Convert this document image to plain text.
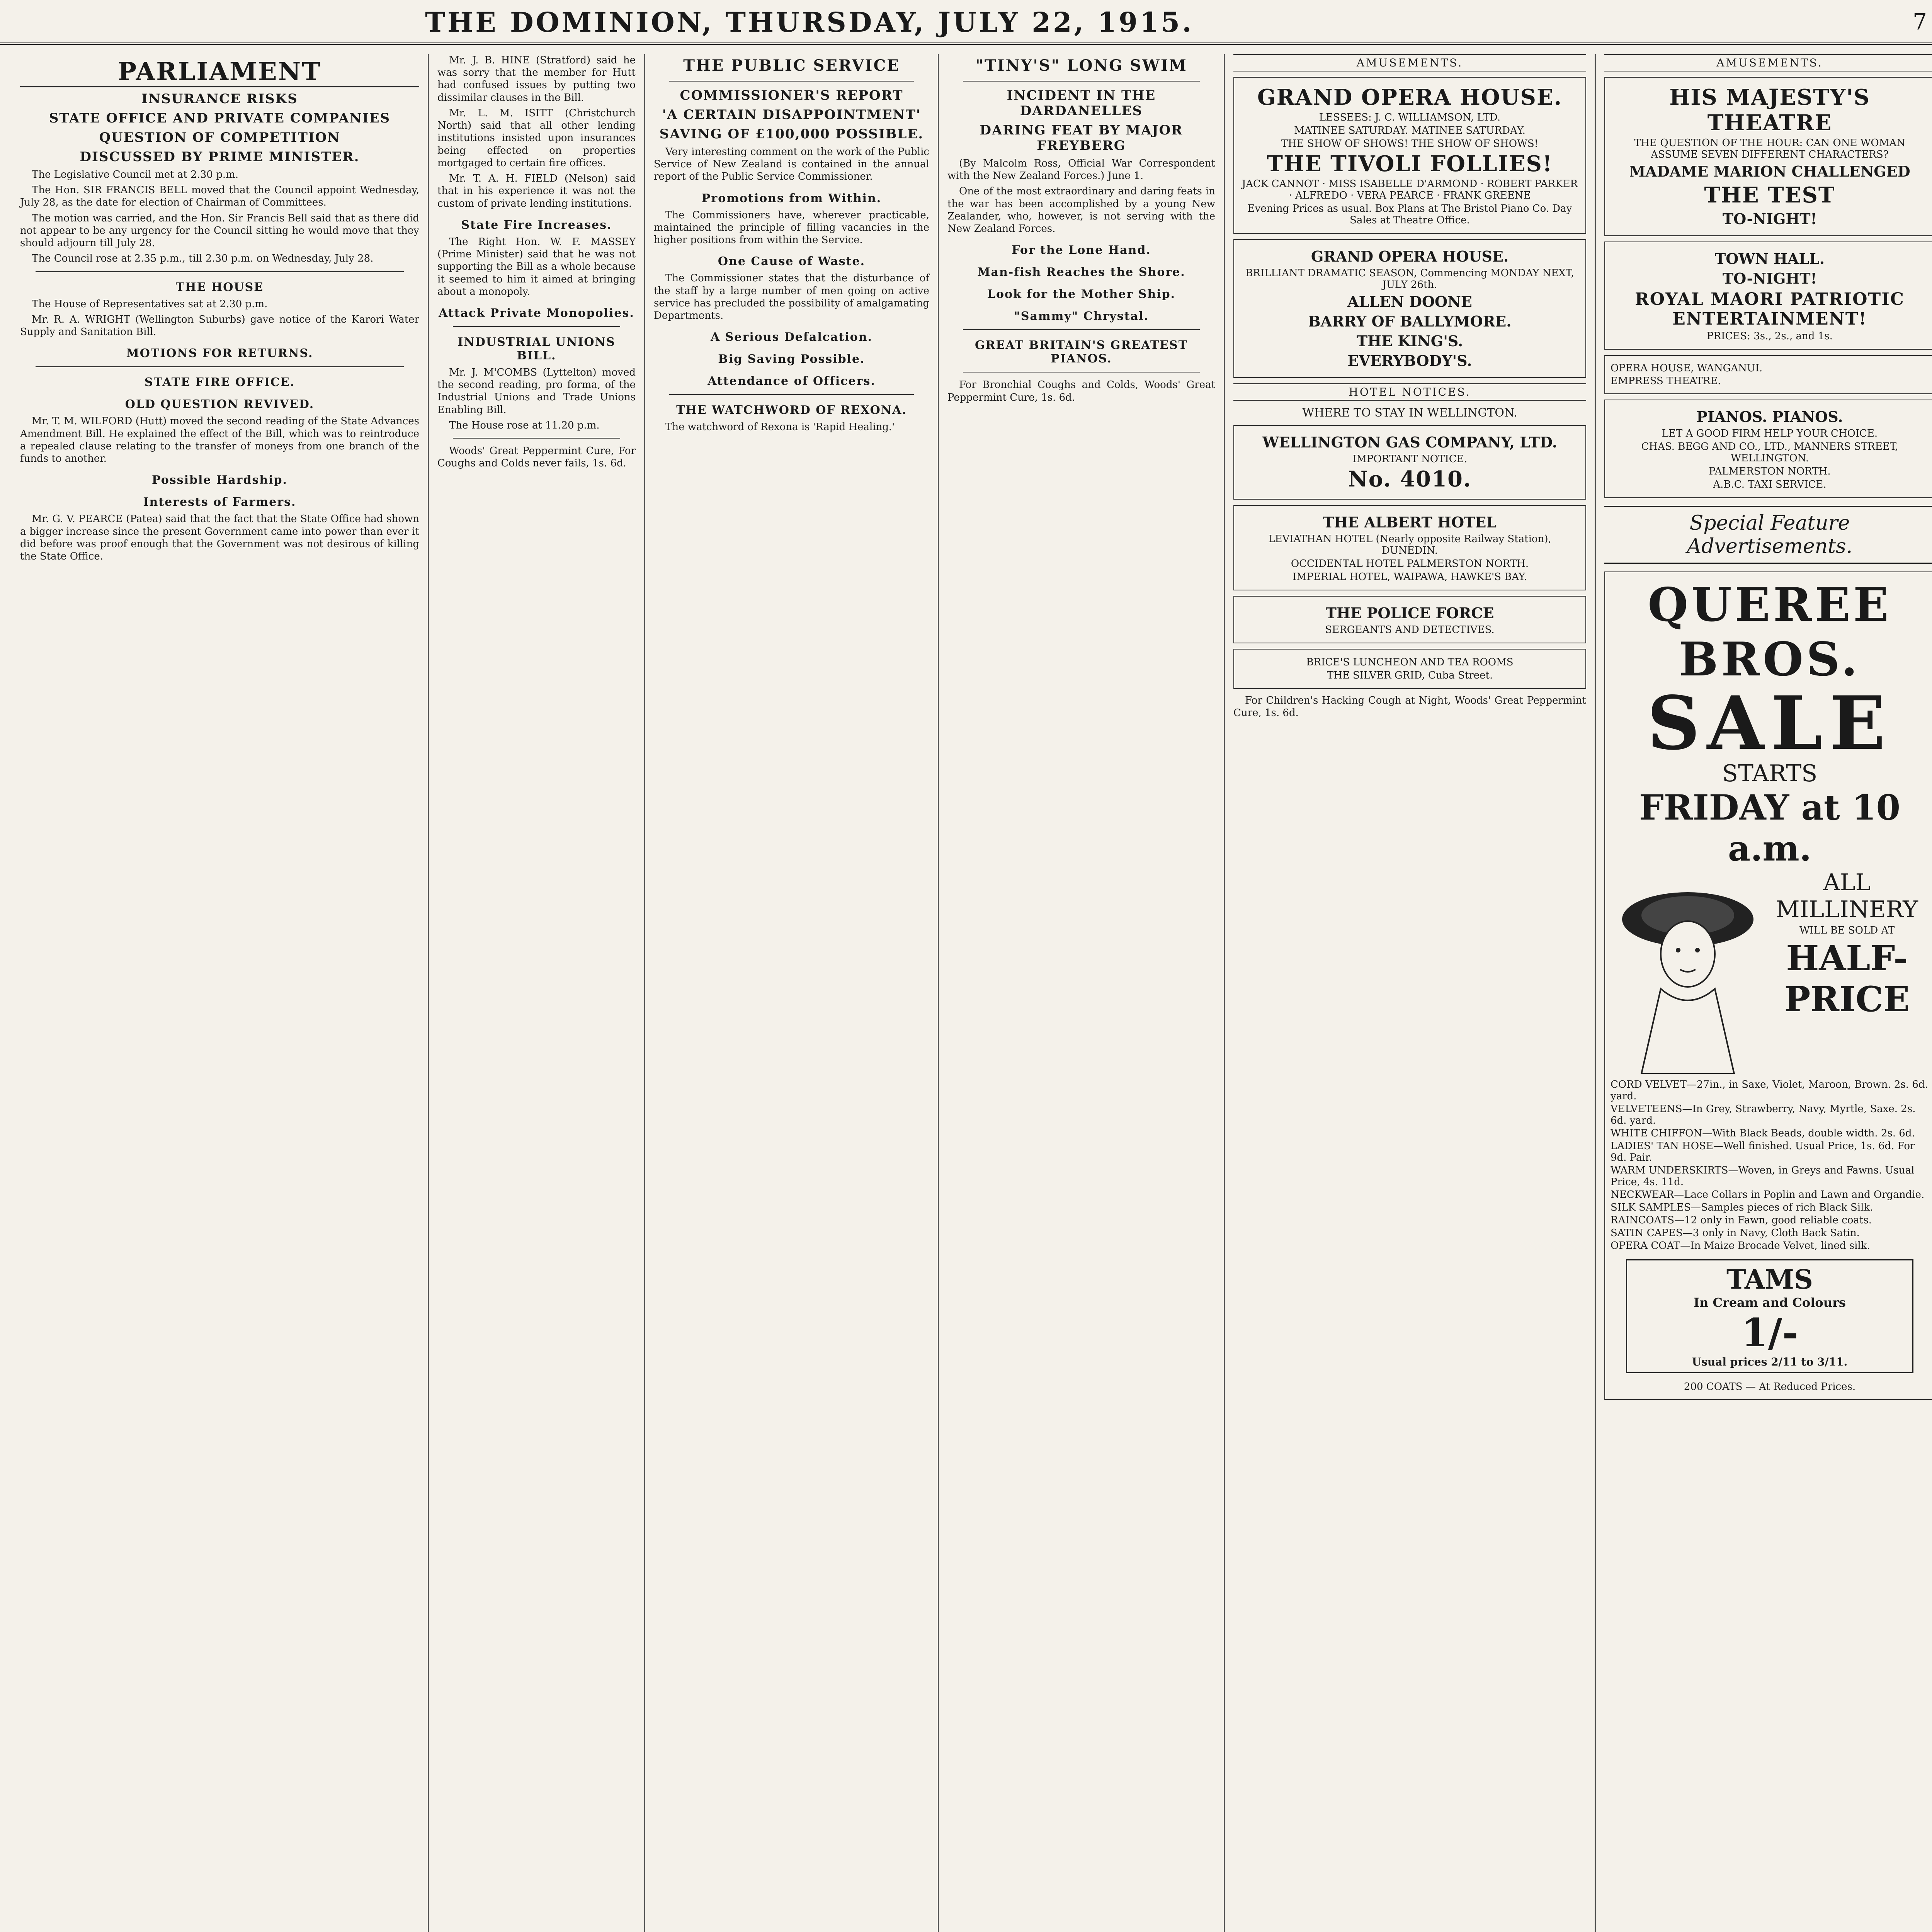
THE DOMINION, THURSDAY, JULY 22, 1915.	7
PARLIAMENT
INSURANCE RISKS
STATE OFFICE AND PRIVATE COMPANIES
QUESTION OF COMPETITION
DISCUSSED BY PRIME MINISTER.

The Legislative Council met at 2.30 p.m.

The Hon. SIR FRANCIS BELL moved that the Council appoint Wednesday, July 28, as the date for election of Chairman of Committees.

The motion was carried, and the Hon. Sir Francis Bell said that as there did not appear to be any urgency for the Council sitting he would move that they should adjourn till July 28.

The Council rose at 2.35 p.m., till 2.30 p.m. on Wednesday, July 28.

THE HOUSE

The House of Representatives sat at 2.30 p.m.

Mr. R. A. WRIGHT (Wellington Suburbs) gave notice of the Karori Water Supply and Sanitation Bill.

MOTIONS FOR RETURNS.
STATE FIRE OFFICE.
OLD QUESTION REVIVED.

Mr. T. M. WILFORD (Hutt) moved the second reading of the State Advances Amendment Bill. He explained the effect of the Bill, which was to reintroduce a repealed clause relating to the transfer of moneys from one branch of the funds to another.

Possible Hardship.
Interests of Farmers.

Mr. G. V. PEARCE (Patea) said that the fact that the State Office had shown a bigger increase since the present Government came into power than ever it did before was proof enough that the Government was not desirous of killing the State Office.

Mr. J. B. HINE (Stratford) said he was sorry that the member for Hutt had confused issues by putting two dissimilar clauses in the Bill.

Mr. L. M. ISITT (Christchurch North) said that all other lending institutions insisted upon insurances being effected on properties mortgaged to certain fire offices.

Mr. T. A. H. FIELD (Nelson) said that in his experience it was not the custom of private lending institutions.

State Fire Increases.

The Right Hon. W. F. MASSEY (Prime Minister) said that he was not supporting the Bill as a whole because it seemed to him it aimed at bringing about a monopoly.

Attack Private Monopolies.
INDUSTRIAL UNIONS BILL.

Mr. J. M'COMBS (Lyttelton) moved the second reading, pro forma, of the Industrial Unions and Trade Unions Enabling Bill.

The House rose at 11.20 p.m.

Woods' Great Peppermint Cure, For Coughs and Colds never fails, 1s. 6d.

THE PUBLIC SERVICE
COMMISSIONER'S REPORT
'A CERTAIN DISAPPOINTMENT'
SAVING OF £100,000 POSSIBLE.

Very interesting comment on the work of the Public Service of New Zealand is contained in the annual report of the Public Service Commissioner.

Promotions from Within.

The Commissioners have, wherever practicable, maintained the principle of filling vacancies in the higher positions from within the Service.

One Cause of Waste.

The Commissioner states that the disturbance of the staff by a large number of men going on active service has precluded the possibility of amalgamating Departments.

A Serious Defalcation.
Big Saving Possible.
Attendance of Officers.
THE WATCHWORD OF REXONA.

The watchword of Rexona is 'Rapid Healing.'

"TINY'S" LONG SWIM
INCIDENT IN THE DARDANELLES
DARING FEAT BY MAJOR FREYBERG

(By Malcolm Ross, Official War Correspondent with the New Zealand Forces.) June 1.

One of the most extraordinary and daring feats in the war has been accomplished by a young New Zealander, who, however, is not serving with the New Zealand Forces.

For the Lone Hand.
Man-fish Reaches the Shore.
Look for the Mother Ship.
"Sammy" Chrystal.
GREAT BRITAIN'S GREATEST PIANOS.

For Bronchial Coughs and Colds, Woods' Great Peppermint Cure, 1s. 6d.

AMUSEMENTS.
GRAND OPERA HOUSE.
LESSEES: J. C. WILLIAMSON, LTD.
MATINEE SATURDAY. MATINEE SATURDAY.
THE SHOW OF SHOWS! THE SHOW OF SHOWS!
THE TIVOLI FOLLIES!
JACK CANNOT · MISS ISABELLE D'ARMOND · ROBERT PARKER · ALFREDO · VERA PEARCE · FRANK GREENE
Evening Prices as usual. Box Plans at The Bristol Piano Co. Day Sales at Theatre Office.
GRAND OPERA HOUSE.
BRILLIANT DRAMATIC SEASON, Commencing MONDAY NEXT, JULY 26th.
ALLEN DOONE
BARRY OF BALLYMORE.
THE KING'S.
EVERYBODY'S.
HOTEL NOTICES.
WHERE TO STAY IN WELLINGTON.
WELLINGTON GAS COMPANY, LTD.
IMPORTANT NOTICE.
No. 4010.
THE ALBERT HOTEL
LEVIATHAN HOTEL (Nearly opposite Railway Station), DUNEDIN.
OCCIDENTAL HOTEL PALMERSTON NORTH.
IMPERIAL HOTEL, WAIPAWA, HAWKE'S BAY.
THE POLICE FORCE
SERGEANTS AND DETECTIVES.
BRICE'S LUNCHEON AND TEA ROOMS
THE SILVER GRID, Cuba Street.

For Children's Hacking Cough at Night, Woods' Great Peppermint Cure, 1s. 6d.

AMUSEMENTS.
HIS MAJESTY'S THEATRE
THE QUESTION OF THE HOUR: CAN ONE WOMAN ASSUME SEVEN DIFFERENT CHARACTERS?
MADAME MARION CHALLENGED
THE TEST
TO-NIGHT!
TOWN HALL.
TO-NIGHT!
ROYAL MAORI PATRIOTIC ENTERTAINMENT!
PRICES: 3s., 2s., and 1s.
OPERA HOUSE, WANGANUI.
EMPRESS THEATRE.
PIANOS. PIANOS.
LET A GOOD FIRM HELP YOUR CHOICE.
CHAS. BEGG AND CO., LTD., MANNERS STREET, WELLINGTON.
PALMERSTON NORTH.
A.B.C. TAXI SERVICE.
Special Feature Advertisements.
QUEREE BROS.
SALE
STARTS
FRIDAY at 10 a.m.
ALL MILLINERY
WILL BE SOLD AT
HALF-PRICE
CORD VELVET—27in., in Saxe, Violet, Maroon, Brown. 2s. 6d. yard.
VELVETEENS—In Grey, Strawberry, Navy, Myrtle, Saxe. 2s. 6d. yard.
WHITE CHIFFON—With Black Beads, double width. 2s. 6d.
LADIES' TAN HOSE—Well finished. Usual Price, 1s. 6d. For 9d. Pair.
WARM UNDERSKIRTS—Woven, in Greys and Fawns. Usual Price, 4s. 11d.
NECKWEAR—Lace Collars in Poplin and Lawn and Organdie.
SILK SAMPLES—Samples pieces of rich Black Silk.
RAINCOATS—12 only in Fawn, good reliable coats.
SATIN CAPES—3 only in Navy, Cloth Back Satin.
OPERA COAT—In Maize Brocade Velvet, lined silk.
TAMS
In Cream and Colours
1/-
Usual prices 2/11 to 3/11.
200 COATS — At Reduced Prices.
